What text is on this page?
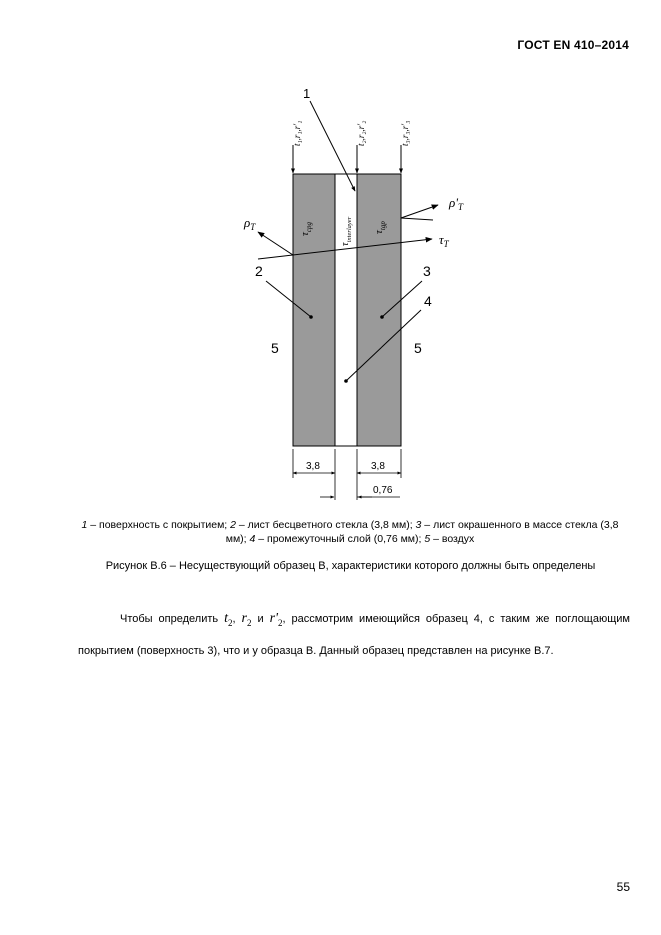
ГОСТ EN 410–2014
t₁,r₁,r'₁	t₂,r₂,r'₂	t₃,r₃,r'₃
1
$\rho_T$
$\rho'_T$
$\tau_T$
$\tau_{cpg}$
$\tau_{interlayer}$ $\tau_{tgp}$
2	3
4
5	5
3,8	3,8
0,76
1 – поверхность с покрытием; 2 – лист бесцветного стекла (3,8 мм); 3 – лист окрашенного в массе стекла (3,8 мм); 4 – промежуточный слой (0,76 мм); 5 – воздух
Рисунок В.6 – Несуществующий образец В, характеристики которого должны быть определены
Чтобы определить $t_2$, $r_2$ и $r'_2$, рассмотрим имеющийся образец 4, с таким же поглощающим покрытием (поверхность 3), что и у образца В. Данный образец представлен на рисунке В.7.
55
